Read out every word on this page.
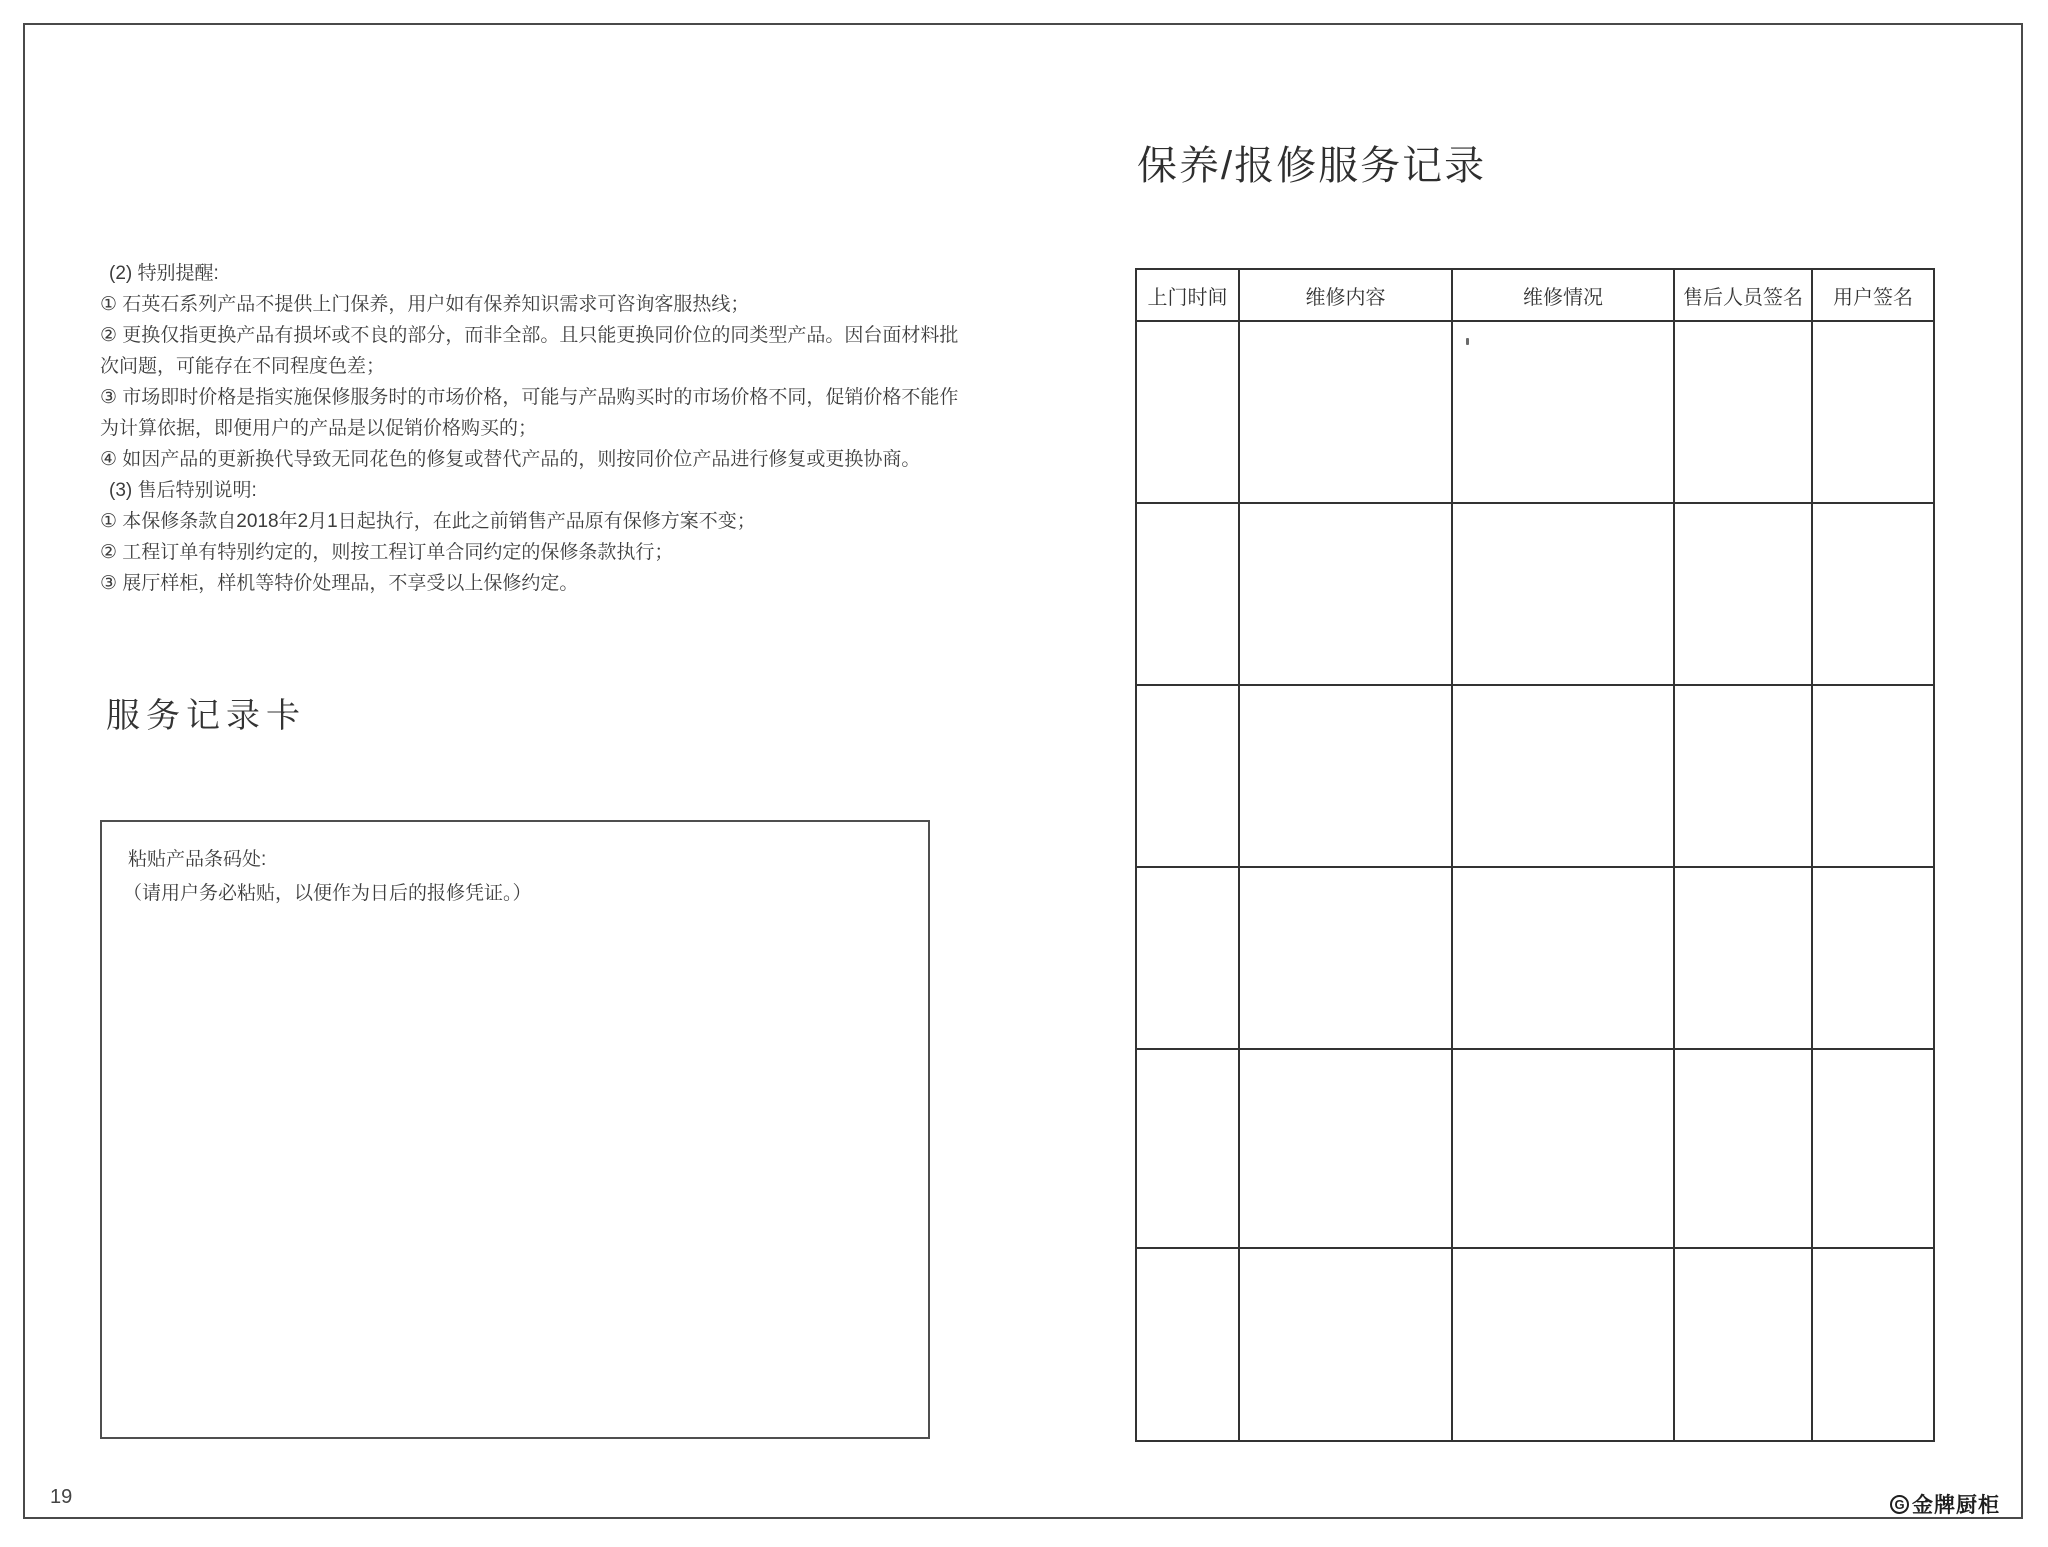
(2) 特别提醒:
① 石英石系列产品不提供上门保养，用户如有保养知识需求可咨询客服热线；
② 更换仅指更换产品有损坏或不良的部分，而非全部。且只能更换同价位的同类型产品。因台面材料批
次问题，可能存在不同程度色差；
③ 市场即时价格是指实施保修服务时的市场价格，可能与产品购买时的市场价格不同，促销价格不能作
为计算依据，即便用户的产品是以促销价格购买的；
④ 如因产品的更新换代导致无同花色的修复或替代产品的，则按同价位产品进行修复或更换协商。
(3) 售后特别说明:
① 本保修条款自2018年2月1日起执行，在此之前销售产品原有保修方案不变；
② 工程订单有特别约定的，则按工程订单合同约定的保修条款执行；
③ 展厅样柜，样机等特价处理品，不享受以上保修约定。
服务记录卡
粘贴产品条码处:
（请用户务必粘贴，以便作为日后的报修凭证。）
19
保养/报修服务记录
上门时间	维修内容	维修情况	售后人员签名	用户签名

G 金牌厨柜
